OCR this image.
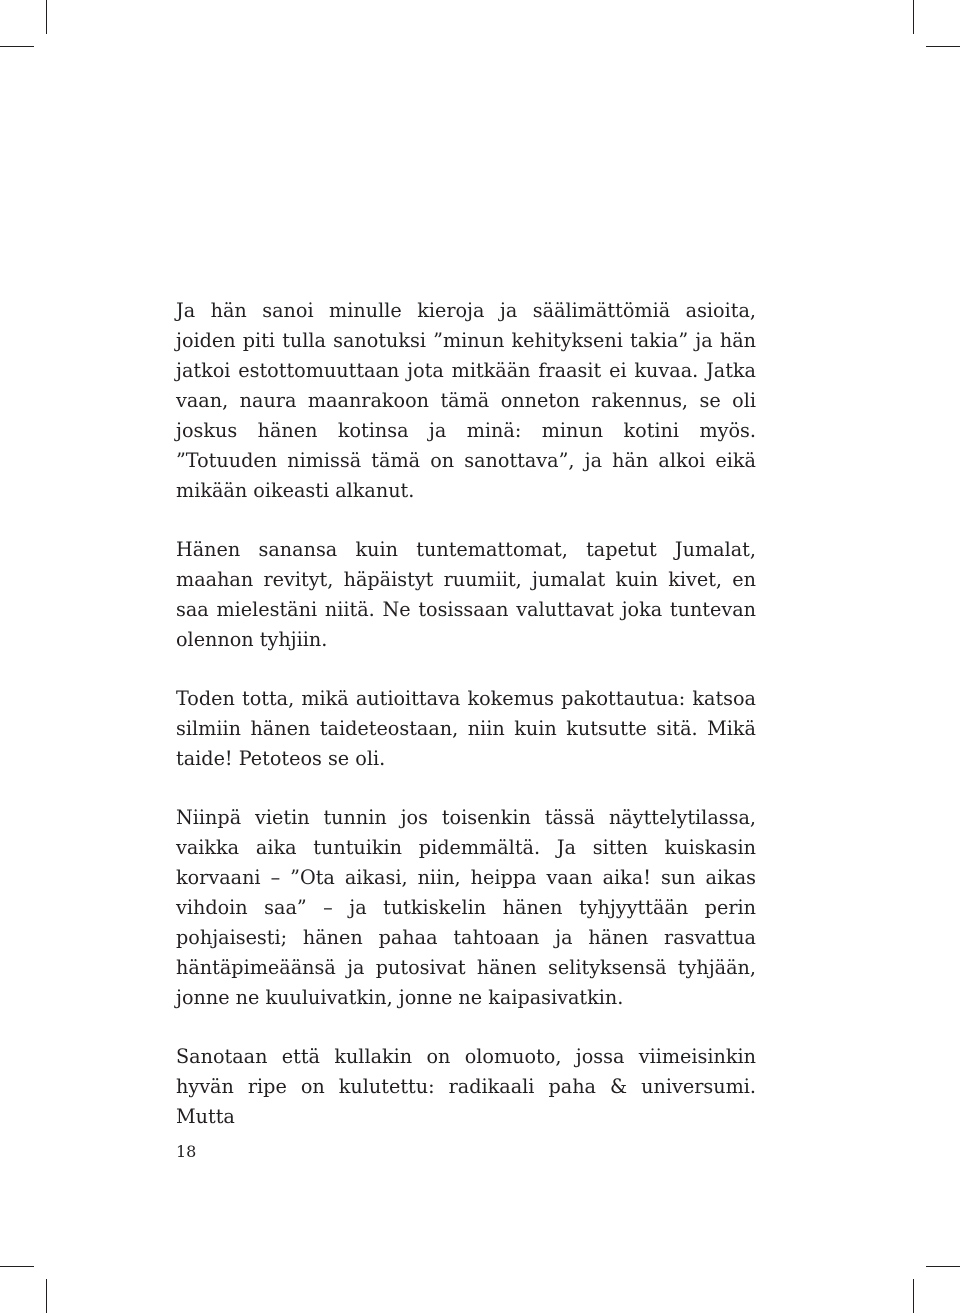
Ja hän sanoi minulle kieroja ja säälimättömiä asioita, joiden piti tulla sanotuksi ”minun kehitykseni takia” ja hän jatkoi estottomuuttaan jota mitkään fraasit ei kuvaa. Jatka vaan, naura maanrakoon tämä onneton rakennus, se oli joskus hänen kotinsa ja minä: minun kotini myös. ”Totuuden nimissä tämä on sanottava”, ja hän alkoi eikä mikään oikeasti alkanut.

Hänen sanansa kuin tuntemattomat, tapetut Jumalat, maahan revityt, häpäistyt ruumiit, jumalat kuin kivet, en saa mielestäni niitä. Ne tosissaan valuttavat joka tuntevan olennon tyhjiin.

Toden totta, mikä autioittava kokemus pakottautua: katsoa silmiin hänen taideteostaan, niin kuin kutsutte sitä. Mikä taide! Petoteos se oli.

Niinpä vietin tunnin jos toisenkin tässä näyttelytilassa, vaikka aika tuntuikin pidemmältä. Ja sitten kuiskasin korvaani – ”Ota aikasi, niin, heippa vaan aika! sun aikas vihdoin saa” – ja tutkiskelin hänen tyhjyyttään perin pohjaisesti; hänen pahaa tahtoaan ja hänen rasvattua häntäpimeäänsä ja putosivat hänen selityksensä tyhjään, jonne ne kuuluivatkin, jonne ne kaipasivatkin.

Sanotaan että kullakin on olomuoto, jossa viimeisinkin hyvän ripe on kulutettu: radikaali paha & universumi. Mutta

18
